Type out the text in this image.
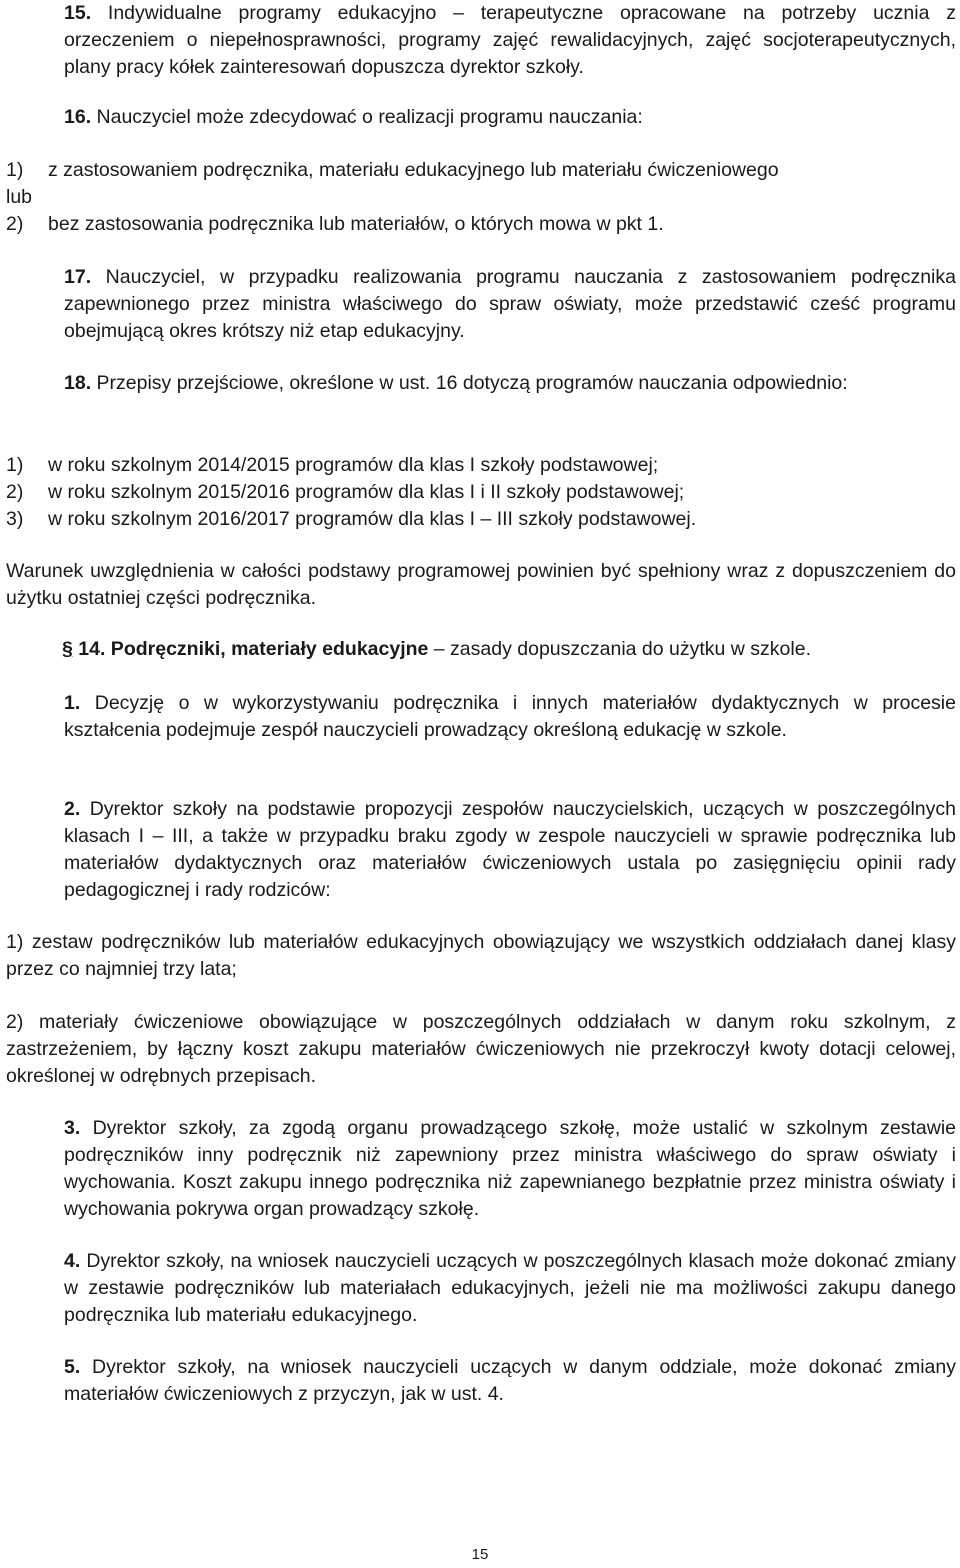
15. Indywidualne programy edukacyjno – terapeutyczne opracowane na potrzeby ucznia z orzeczeniem o niepełnosprawności, programy zajęć rewalidacyjnych, zajęć socjoterapeutycznych, plany pracy kółek zainteresowań dopuszcza dyrektor szkoły.

16. Nauczyciel może zdecydować o realizacji programu nauczania:

1) z zastosowaniem podręcznika, materiału edukacyjnego lub materiału ćwiczeniowego

lub

2) bez zastosowania podręcznika lub materiałów, o których mowa w pkt 1.

17. Nauczyciel, w przypadku realizowania programu nauczania z zastosowaniem podręcznika zapewnionego przez ministra właściwego do spraw oświaty, może przedstawić cześć programu obejmującą okres krótszy niż etap edukacyjny.

18. Przepisy przejściowe, określone w ust. 16 dotyczą programów nauczania odpowiednio:

1) w roku szkolnym 2014/2015 programów dla klas I szkoły podstawowej;

2) w roku szkolnym 2015/2016 programów dla klas I i II szkoły podstawowej;

3) w roku szkolnym 2016/2017 programów dla klas I – III szkoły podstawowej.

Warunek uwzględnienia w całości podstawy programowej powinien być spełniony wraz z dopuszczeniem do użytku ostatniej części podręcznika.

§ 14. Podręczniki, materiały edukacyjne – zasady dopuszczania do użytku w szkole.

1. Decyzję o w wykorzystywaniu podręcznika i innych materiałów dydaktycznych w procesie kształcenia podejmuje zespół nauczycieli prowadzący określoną edukację w szkole.

2. Dyrektor szkoły na podstawie propozycji zespołów nauczycielskich, uczących w poszczególnych klasach I – III, a także w przypadku braku zgody w zespole nauczycieli w sprawie podręcznika lub materiałów dydaktycznych oraz materiałów ćwiczeniowych ustala po zasięgnięciu opinii rady pedagogicznej i rady rodziców:

1) zestaw podręczników lub materiałów edukacyjnych obowiązujący we wszystkich oddziałach danej klasy przez co najmniej trzy lata;

2) materiały ćwiczeniowe obowiązujące w poszczególnych oddziałach w danym roku szkolnym, z zastrzeżeniem, by łączny koszt zakupu materiałów ćwiczeniowych nie przekroczył kwoty dotacji celowej, określonej w odrębnych przepisach.

3. Dyrektor szkoły, za zgodą organu prowadzącego szkołę, może ustalić w szkolnym zestawie podręczników inny podręcznik niż zapewniony przez ministra właściwego do spraw oświaty i wychowania. Koszt zakupu innego podręcznika niż zapewnianego bezpłatnie przez ministra oświaty i wychowania pokrywa organ prowadzący szkołę.

4. Dyrektor szkoły, na wniosek nauczycieli uczących w poszczególnych klasach może dokonać zmiany w zestawie podręczników lub materiałach edukacyjnych, jeżeli nie ma możliwości zakupu danego podręcznika lub materiału edukacyjnego.

5. Dyrektor szkoły, na wniosek nauczycieli uczących w danym oddziale, może dokonać zmiany materiałów ćwiczeniowych z przyczyn, jak w ust. 4.

15
